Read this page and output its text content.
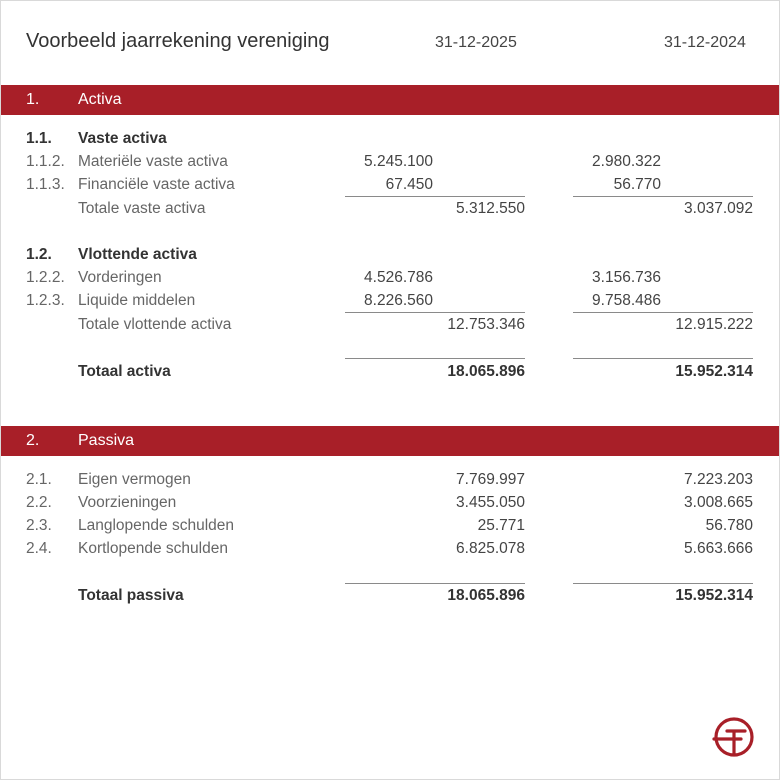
Voorbeeld jaarrekening vereniging	31-12-2025	31-12-2024
1. Activa
1.1. Vaste activa
1.1.2. Materiële vaste activa	5.245.100	2.980.322
1.1.3. Financiële vaste activa	67.450	56.770
Totale vaste activa	5.312.550	3.037.092
1.2. Vlottende activa
1.2.2. Vorderingen	4.526.786	3.156.736
1.2.3. Liquide middelen	8.226.560	9.758.486
Totale vlottende activa	12.753.346	12.915.222
Totaal activa	18.065.896	15.952.314
2. Passiva
2.1. Eigen vermogen	7.769.997	7.223.203
2.2. Voorzieningen	3.455.050	3.008.665
2.3. Langlopende schulden	25.771	56.780
2.4. Kortlopende schulden	6.825.078	5.663.666
Totaal passiva	18.065.896	15.952.314
